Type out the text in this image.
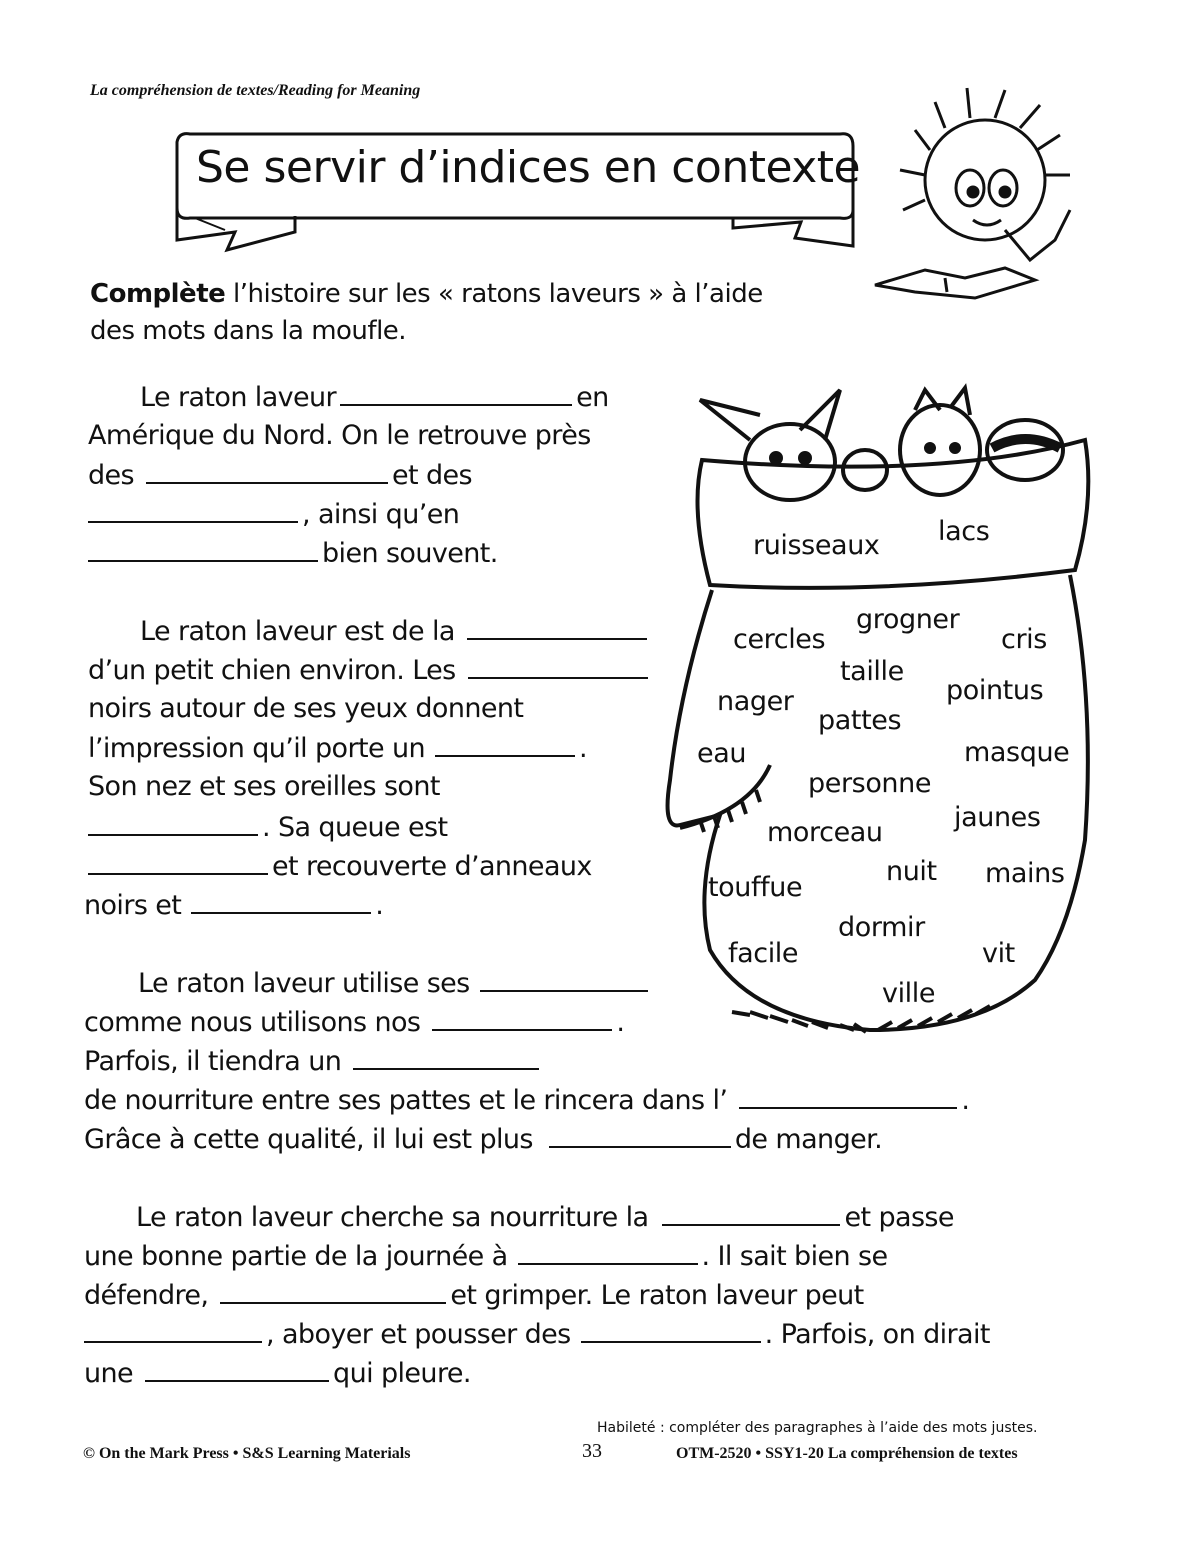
La compréhension de textes/Reading for Meaning
Se servir d’indices en contexte
Complète l’histoire sur les « ratons laveurs » à l’aide
des mots dans la moufle.
Le raton laveur	en
Amérique du Nord. On le retrouve près
des	et des
, ainsi qu’en
bien souvent.
Le raton laveur est de la
d’un petit chien environ. Les
noirs autour de ses yeux donnent
l’impression qu’il porte un	.
Son nez et ses oreilles sont
. Sa queue est
et recouverte d’anneaux
noirs et	.
Le raton laveur utilise ses
comme nous utilisons nos	.
Parfois, il tiendra un
de nourriture entre ses pattes et le rincera dans l’	.
Grâce à cette qualité, il lui est plus	de manger.
Le raton laveur cherche sa nourriture la	et passe
une bonne partie de la journée à	. Il sait bien se
défendre,	et grimper. Le raton laveur peut
, aboyer et pousser des	. Parfois, on dirait
une	qui pleure.
ruisseaux lacs
cercles
grogner
cris
taille
nager	pointus
pattes
eau	masque
personne
jaunes
morceau
touffue
nuit mains
dormir
facile	vit
ville
Habileté : compléter des paragraphes à l’aide des mots justes.
© On the Mark Press • S&S Learning Materials	33	OTM-2520 • SSY1-20 La compréhension de textes
